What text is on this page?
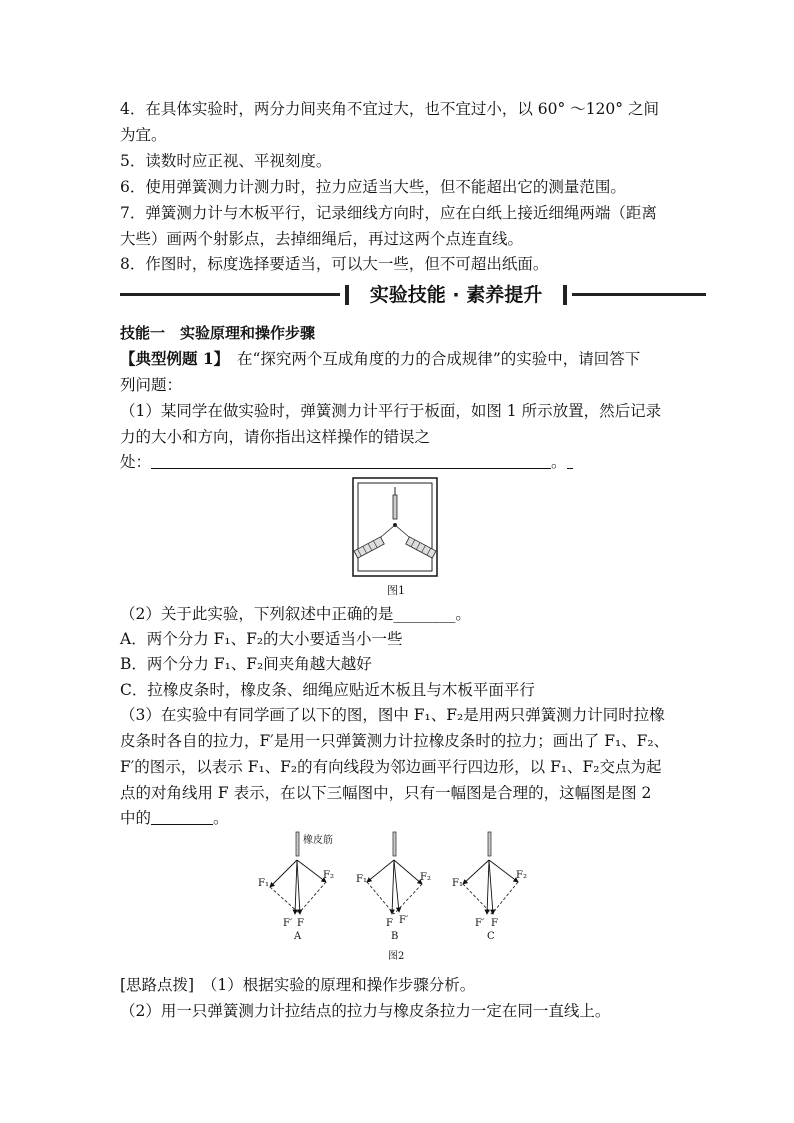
4．在具体实验时，两分力间夹角不宜过大，也不宜过小，以 60° ～120° 之间
为宜。
5．读数时应正视、平视刻度。
6．使用弹簧测力计测力时，拉力应适当大些，但不能超出它的测量范围。
7．弹簧测力计与木板平行，记录细线方向时，应在白纸上接近细绳两端（距离
大些）画两个射影点，去掉细绳后，再过这两个点连直线。
8．作图时，标度选择要适当，可以大一些，但不可超出纸面。
实验技能 · 素养提升
技能一　实验原理和操作步骤
【典型例题 1】　在“探究两个互成角度的力的合成规律”的实验中，请回答下
列问题：
（1）某同学在做实验时，弹簧测力计平行于板面，如图 1 所示放置，然后记录
力的大小和方向，请你指出这样操作的错误之
处：	。
图1
（2）关于此实验，下列叙述中正确的是________。
A．两个分力 F₁、F₂的大小要适当小一些
B．两个分力 F₁、F₂间夹角越大越好
C．拉橡皮条时，橡皮条、细绳应贴近木板且与木板平面平行
（3）在实验中有同学画了以下的图，图中 F₁、F₂是用两只弹簧测力计同时拉橡
皮条时各自的拉力，F′是用一只弹簧测力计拉橡皮条时的拉力；画出了 F₁、F₂、
F′的图示，以表示 F₁、F₂的有向线段为邻边画平行四边形，以 F₁、F₂交点为起
点的对角线用 F 表示，在以下三幅图中，只有一幅图是合理的，这幅图是图 2
中的	。
橡皮筋
F₁
F₂
F′ F
A
F₁	F₂
F F′
B
F₁
F₂
F′ F
C
图2
[思路点拨]　（1）根据实验的原理和操作步骤分析。
（2）用一只弹簧测力计拉结点的拉力与橡皮条拉力一定在同一直线上。
